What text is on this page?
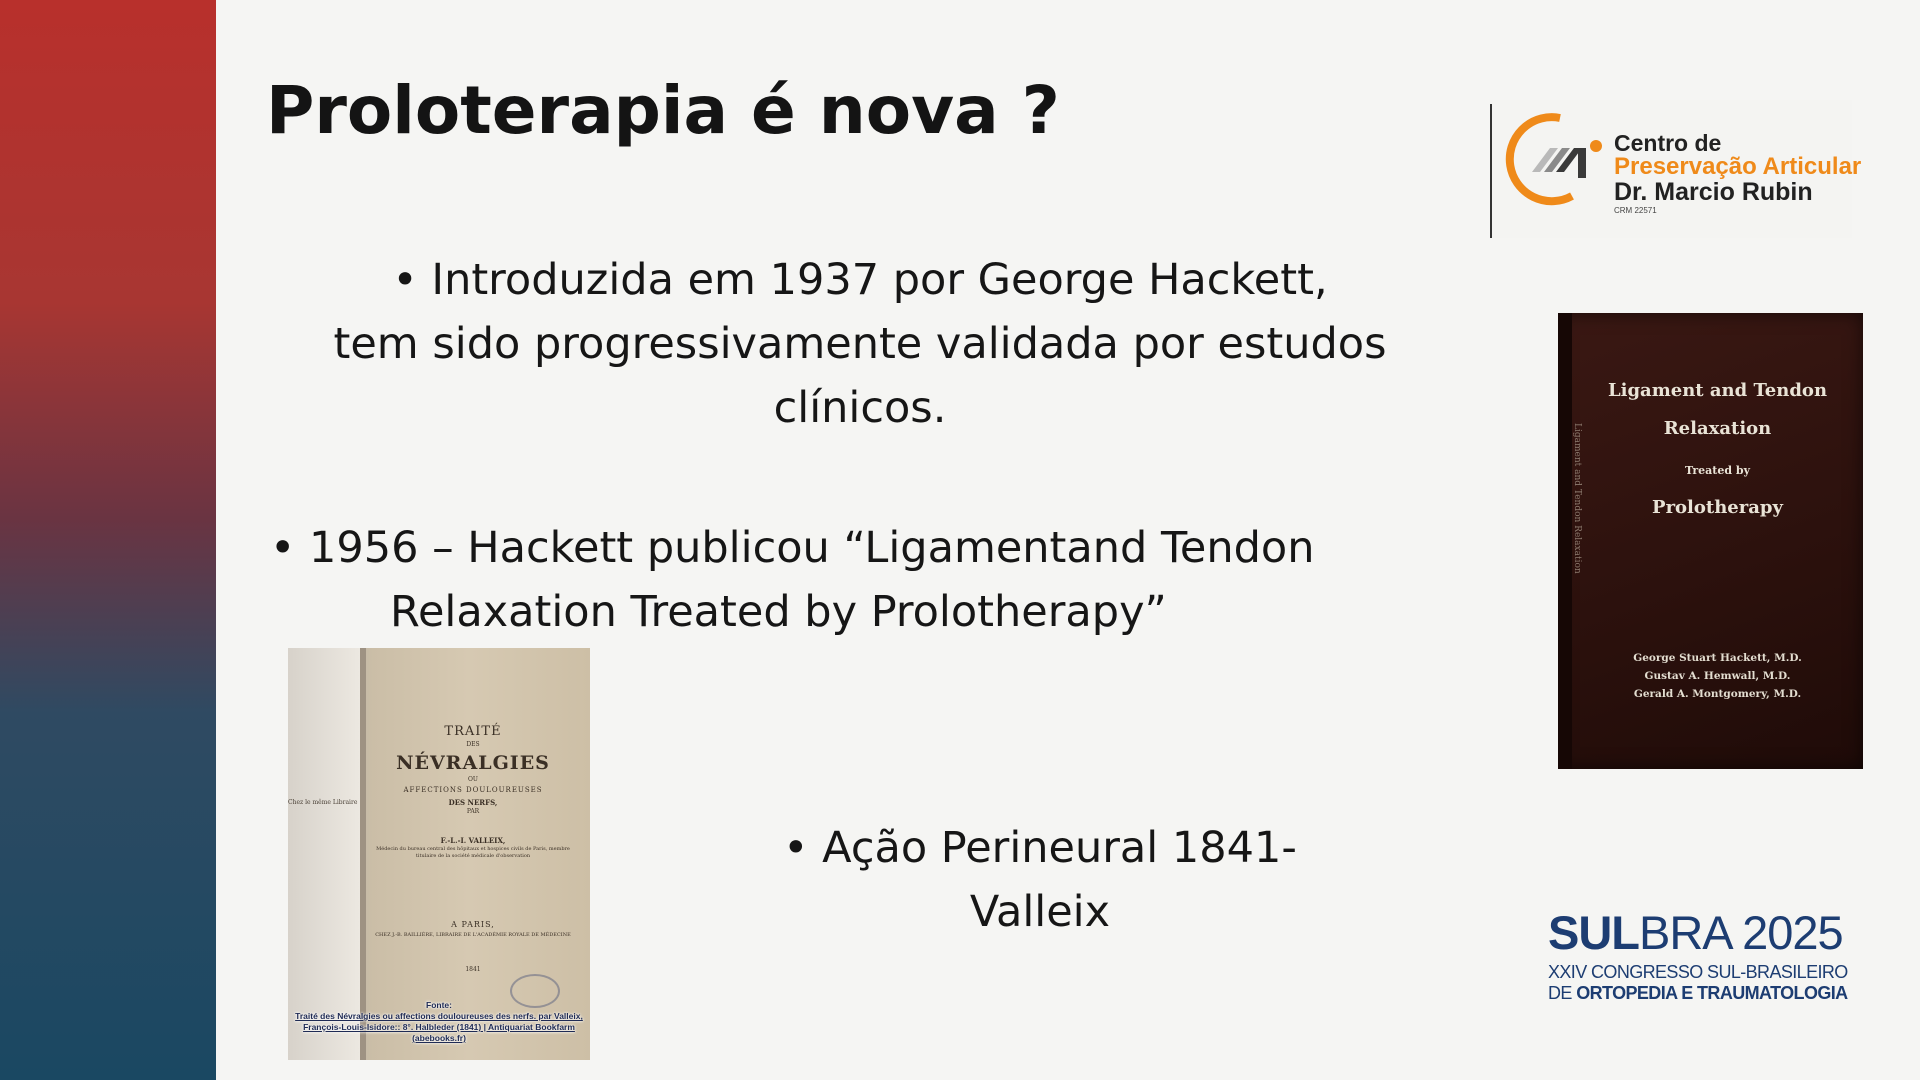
Proloterapia é nova ?
• Introduzida em 1937 por George Hackett,
tem sido progressivamente validada por estudos
clínicos.
• 1956 – Hackett publicou “Ligamentand Tendon
Relaxation Treated by Prolotherapy”
• Ação Perineural 1841-
Valleix
Centro de
Preservação Articular
Dr. Marcio Rubin
CRM 22571
Ligament and Tendon Relaxation
Ligament and Tendon
Relaxation
Treated by
Prolotherapy
George Stuart Hackett, M.D.
Gustav A. Hemwall, M.D.
Gerald A. Montgomery, M.D.
Chez le même Libraire
TRAITÉ
DES
NÉVRALGIES
OU
AFFECTIONS DOULOUREUSES
DES NERFS,
PAR
F.-L.-I. VALLEIX,
Médecin du bureau central des hôpitaux et hospices civils de Paris, membre titulaire de la société médicale d'observation
A PARIS,
CHEZ J.-B. BAILLIÈRE, LIBRAIRE DE L'ACADÉMIE ROYALE DE MÉDECINE
1841
Fonte:
Traité des Névralgies ou affections douloureuses des nerfs. par Valleix, François-Louis-Isidore:: 8°. Halbleder (1841) | Antiquariat Bookfarm (abebooks.fr)
SULBRA 2025
XXIV CONGRESSO SUL-BRASILEIRO
DE ORTOPEDIA E TRAUMATOLOGIA
